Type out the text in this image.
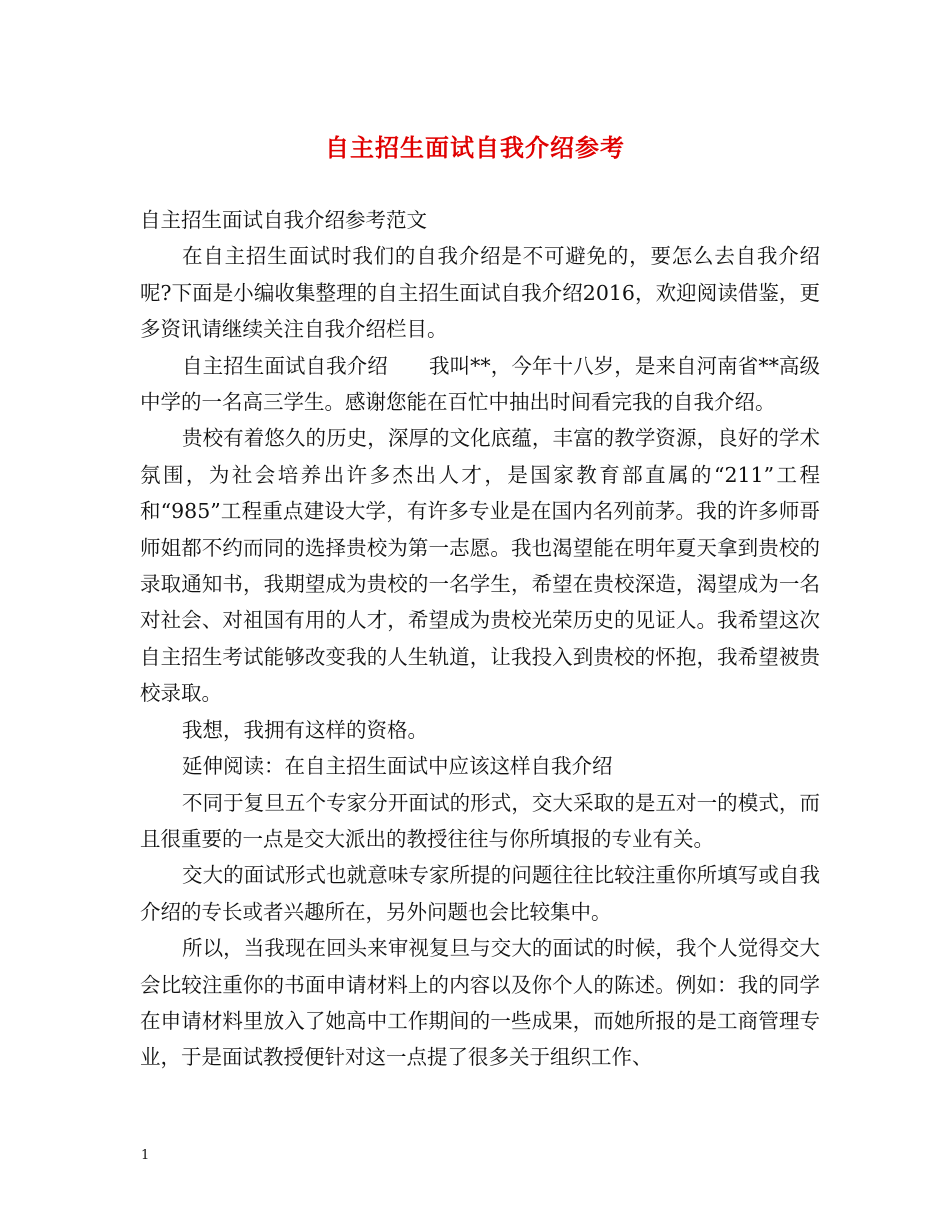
自主招生面试自我介绍参考

自主招生面试自我介绍参考范文

在自主招生面试时我们的自我介绍是不可避免的，要怎么去自我介绍呢?下面是小编收集整理的自主招生面试自我介绍2016，欢迎阅读借鉴，更多资讯请继续关注自我介绍栏目。

自主招生面试自我介绍　　我叫**，今年十八岁，是来自河南省**高级中学的一名高三学生。感谢您能在百忙中抽出时间看完我的自我介绍。

贵校有着悠久的历史，深厚的文化底蕴，丰富的教学资源，良好的学术氛围，为社会培养出许多杰出人才，是国家教育部直属的“211”工程和“985”工程重点建设大学，有许多专业是在国内名列前茅。我的许多师哥师姐都不约而同的选择贵校为第一志愿。我也渴望能在明年夏天拿到贵校的录取通知书，我期望成为贵校的一名学生，希望在贵校深造，渴望成为一名对社会、对祖国有用的人才，希望成为贵校光荣历史的见证人。我希望这次自主招生考试能够改变我的人生轨道，让我投入到贵校的怀抱，我希望被贵校录取。

我想，我拥有这样的资格。

延伸阅读：在自主招生面试中应该这样自我介绍

不同于复旦五个专家分开面试的形式，交大采取的是五对一的模式，而且很重要的一点是交大派出的教授往往与你所填报的专业有关。

交大的面试形式也就意味专家所提的问题往往比较注重你所填写或自我介绍的专长或者兴趣所在，另外问题也会比较集中。

所以，当我现在回头来审视复旦与交大的面试的时候，我个人觉得交大会比较注重你的书面申请材料上的内容以及你个人的陈述。例如：我的同学在申请材料里放入了她高中工作期间的一些成果，而她所报的是工商管理专业，于是面试教授便针对这一点提了很多关于组织工作、

1
